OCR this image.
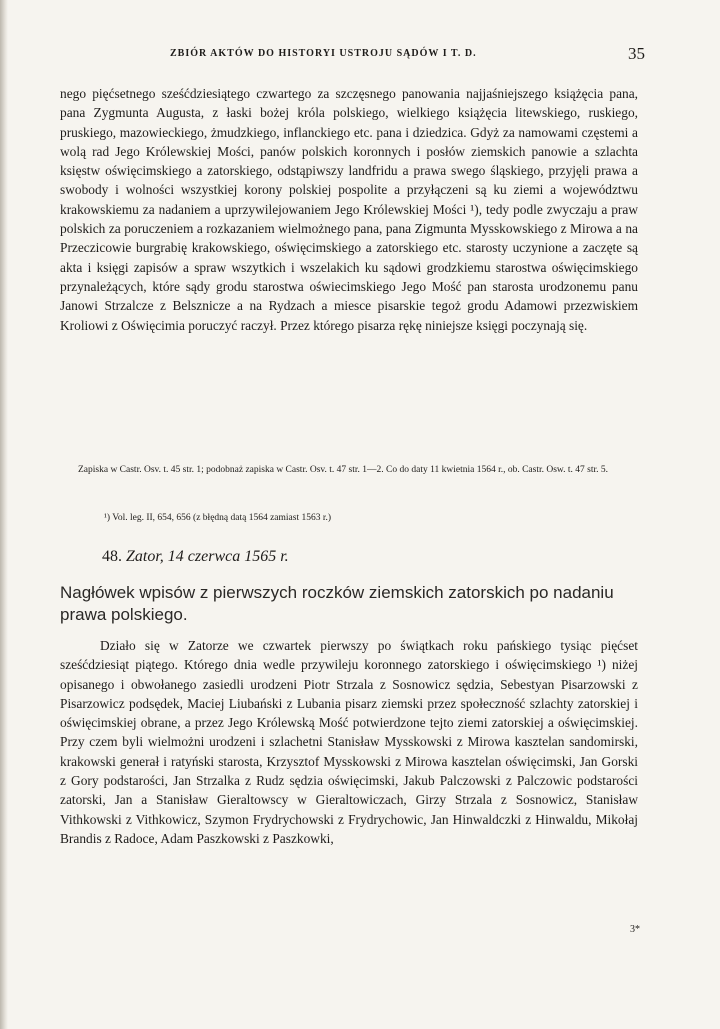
ZBIÓR AKTÓW DO HISTORYI USTROJU SĄDÓW I T. D.	35

nego pięćsetnego sześćdziesiątego czwartego za szczęsnego panowania najjaśniejszego książęcia pana, pana Zygmunta Augusta, z łaski bożej króla polskiego, wielkiego książęcia litewskiego, ruskiego, pruskiego, mazowieckiego, żmudzkiego, inflanckiego etc. pana i dziedzica. Gdyż za namowami częstemi a wolą rad Jego Królewskiej Mości, panów polskich koronnych i posłów ziemskich panowie a szlachta księstw oświęcimskiego a zatorskiego, odstąpiwszy landfridu a prawa swego śląskiego, przyjęli prawa a swobody i wolności wszystkiej korony polskiej pospolite a przyłączeni są ku ziemi a województwu krakowskiemu za nadaniem a uprzywilejowaniem Jego Królewskiej Mości ¹), tedy podle zwyczaju a praw polskich za poruczeniem a rozkazaniem wielmożnego pana, pana Zigmunta Mysskowskiego z Mirowa a na Przeczicowie burgrabię krakowskiego, oświęcimskiego a zatorskiego etc. starosty uczynione a zaczęte są akta i księgi zapisów a spraw wszytkich i wszelakich ku sądowi grodzkiemu starostwa oświęcimskiego przynależących, które sądy grodu starostwa oświecimskiego Jego Mość pan starosta urodzonemu panu Janowi Strzalcze z Belsznicze a na Rydzach a miesce pisarskie tegoż grodu Adamowi przezwiskiem Kroliowi z Oświęcimia poruczyć raczył. Przez którego pisarza rękę niniejsze księgi poczynają się.

Zapiska w Castr. Osv. t. 45 str. 1; podobnaż zapiska w Castr. Osv. t. 47 str. 1—2. Co do daty 11 kwietnia 1564 r., ob. Castr. Osw. t. 47 str. 5.

¹) Vol. leg. II, 654, 656 (z błędną datą 1564 zamiast 1563 r.)

48. Zator, 14 czerwca 1565 r.
Nagłówek wpisów z pierwszych roczków ziemskich zatorskich po nadaniu prawa polskiego.

Działo się w Zatorze we czwartek pierwszy po świątkach roku pańskiego tysiąc pięćset sześćdziesiąt piątego. Którego dnia wedle przywileju koronnego zatorskiego i oświęcimskiego ¹) niżej opisanego i obwołanego zasiedli urodzeni Piotr Strzala z Sosnowicz sędzia, Sebestyan Pisarzowski z Pisarzowicz podsędek, Maciej Liubański z Lubania pisarz ziemski przez społeczność szlachty zatorskiej i oświęcimskiej obrane, a przez Jego Królewską Mość potwierdzone tejto ziemi zatorskiej a oświęcimskiej. Przy czem byli wielmożni urodzeni i szlachetni Stanisław Mysskowski z Mirowa kasztelan sandomirski, krakowski generał i ratyński starosta, Krzysztof Mysskowski z Mirowa kasztelan oświęcimski, Jan Gorski z Gory podstarości, Jan Strzalka z Rudz sędzia oświęcimski, Jakub Palczowski z Palczowic podstarości zatorski, Jan a Stanisław Gieraltowscy w Gieraltowiczach, Girzy Strzala z Sosnowicz, Stanisław Vithkowski z Vithkowicz, Szymon Frydrychowski z Frydrychowic, Jan Hinwaldczki z Hinwaldu, Mikołaj Brandis z Radoce, Adam Paszkowski z Paszkowki,

3*
